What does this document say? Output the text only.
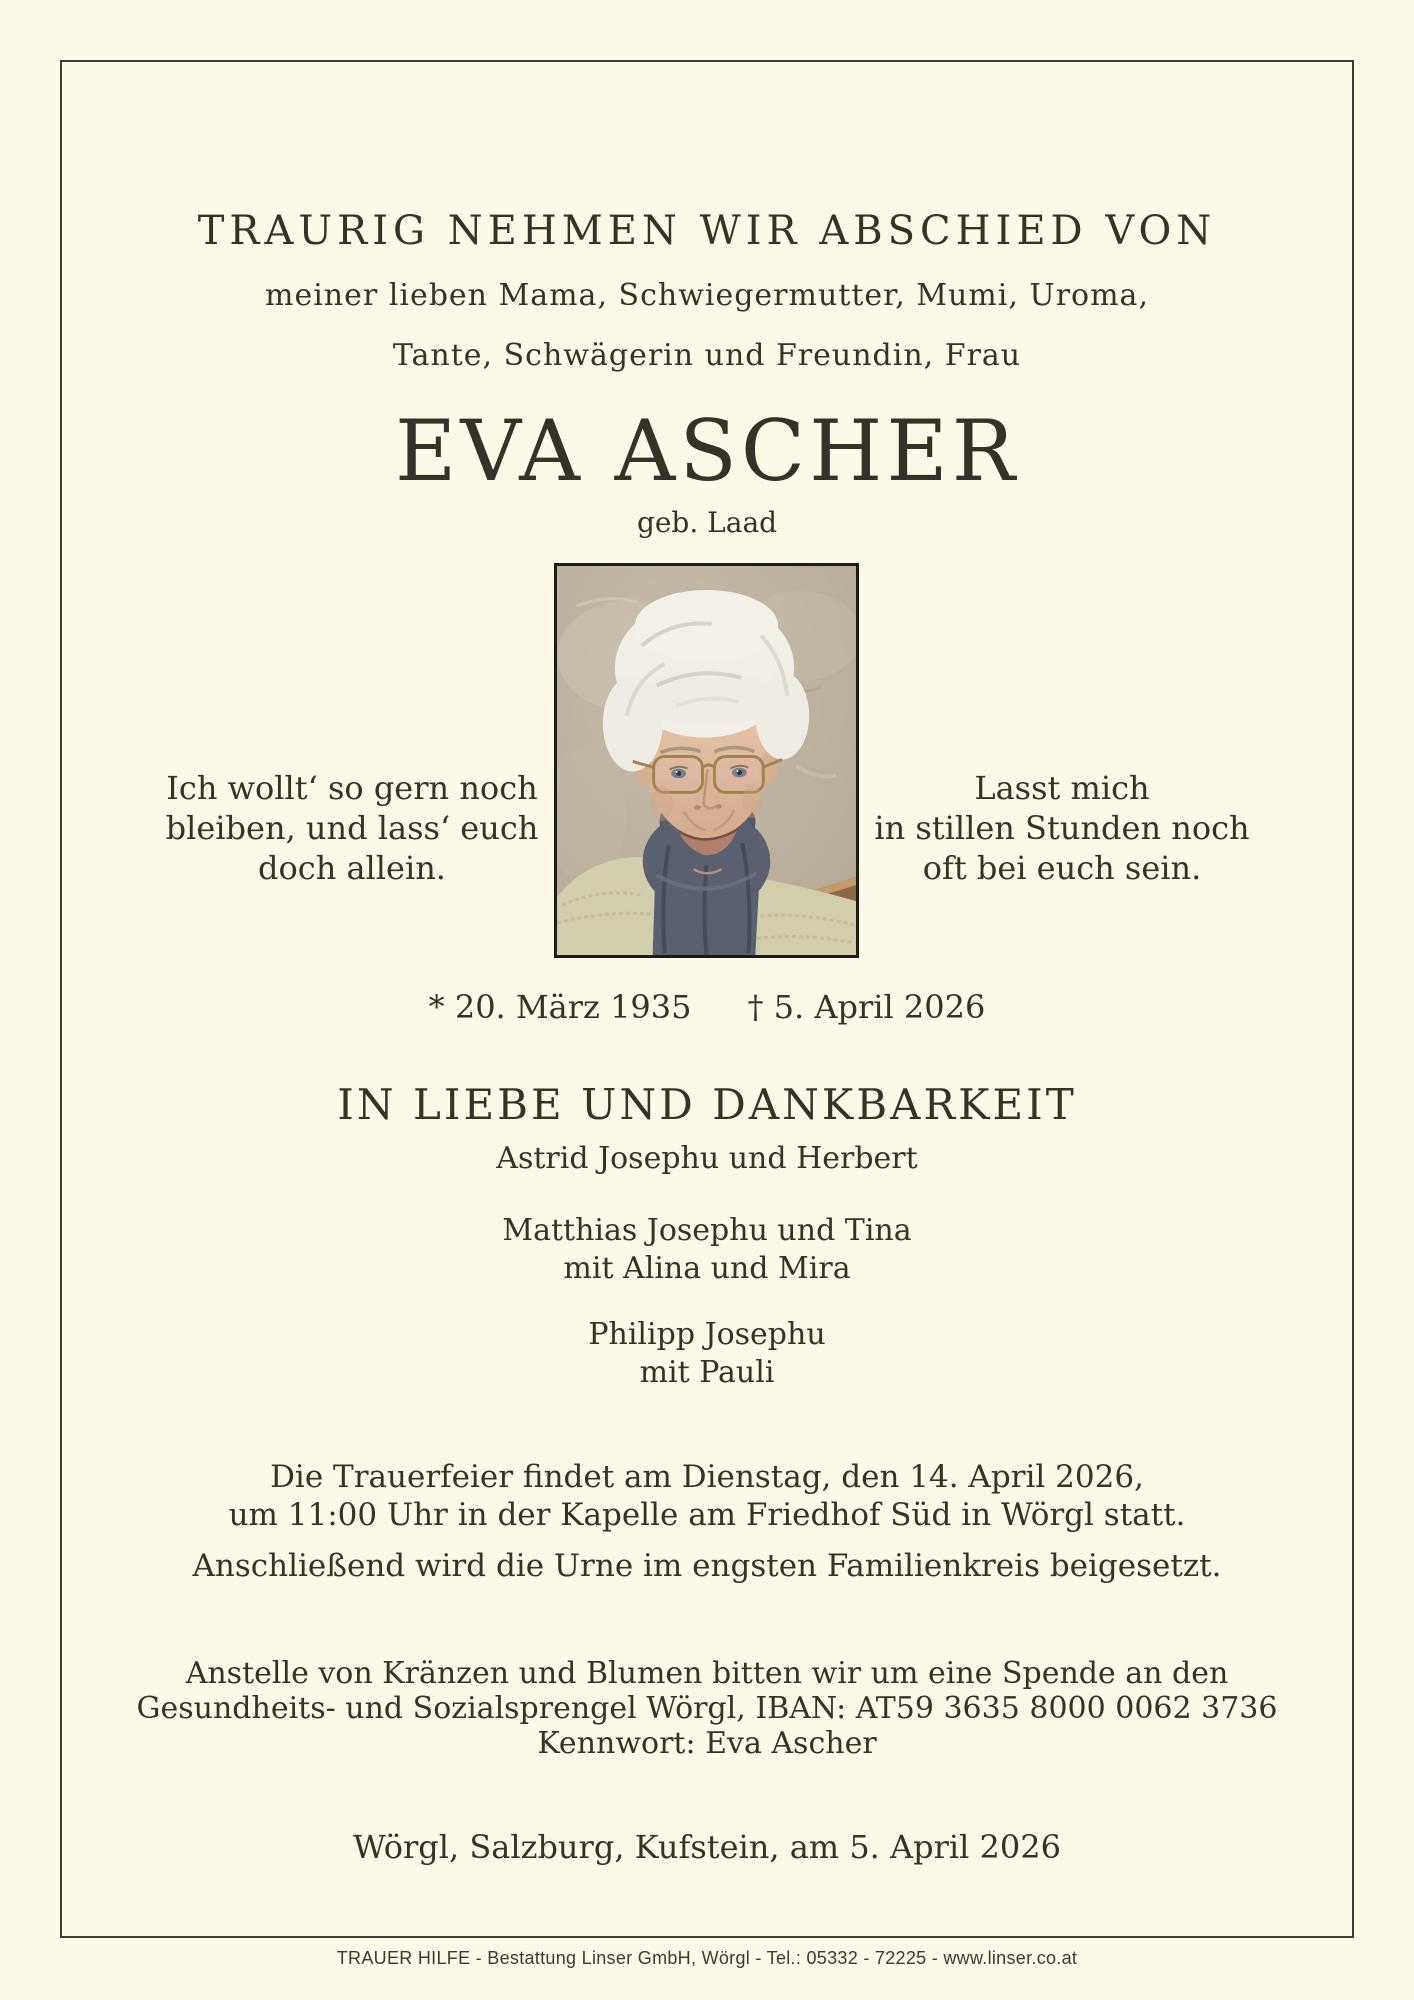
TRAURIG NEHMEN WIR ABSCHIED VON
meiner lieben Mama, Schwiegermutter, Mumi, Uroma,
Tante, Schwägerin und Freundin, Frau
EVA ASCHER
geb. Laad
Ich wollt‘ so gern noch
bleiben, und lass‘ euch
doch allein.
Lasst mich
in stillen Stunden noch
oft bei euch sein.
* 20. März 1935 † 5. April 2026
IN LIEBE UND DANKBARKEIT
Astrid Josephu und Herbert
Matthias Josephu und Tina
mit Alina und Mira
Philipp Josephu
mit Pauli
Die Trauerfeier findet am Dienstag, den 14. April 2026,
um 11:00 Uhr in der Kapelle am Friedhof Süd in Wörgl statt.
Anschließend wird die Urne im engsten Familienkreis beigesetzt.
Anstelle von Kränzen und Blumen bitten wir um eine Spende an den
Gesundheits- und Sozialsprengel Wörgl, IBAN: AT59 3635 8000 0062 3736
Kennwort: Eva Ascher
Wörgl, Salzburg, Kufstein, am 5. April 2026
TRAUER HILFE - Bestattung Linser GmbH, Wörgl - Tel.: 05332 - 72225 - www.linser.co.at
